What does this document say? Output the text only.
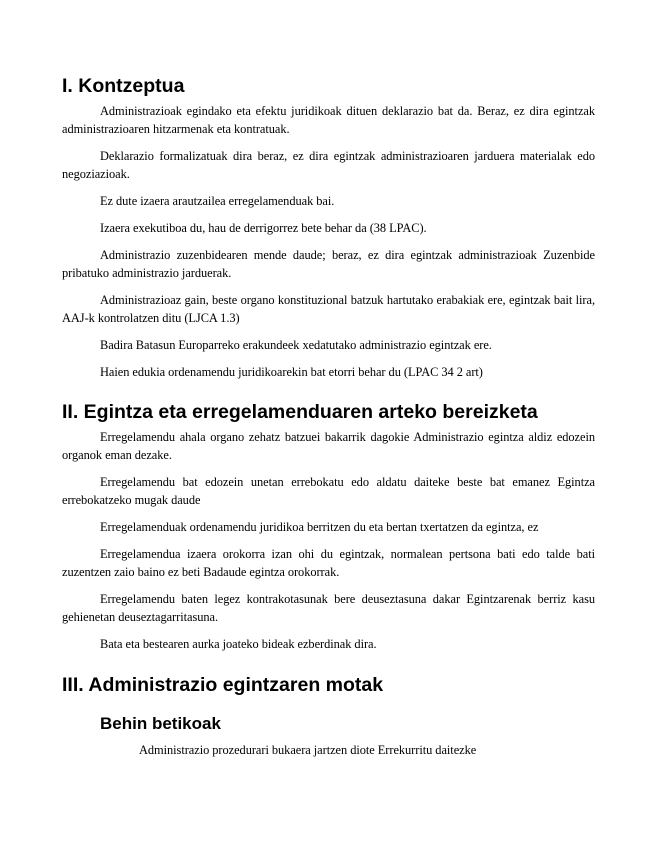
I. Kontzeptua

Administrazioak egindako eta efektu juridikoak dituen deklarazio bat da. Beraz, ez dira egintzak administrazioaren hitzarmenak eta kontratuak.

Deklarazio formalizatuak dira beraz, ez dira egintzak administrazioaren jarduera materialak edo negoziazioak.

Ez dute izaera arautzailea erregelamenduak bai.

Izaera exekutiboa du, hau de derrigorrez bete behar da (38 LPAC).

Administrazio zuzenbidearen mende daude; beraz, ez dira egintzak administrazioak Zuzenbide pribatuko administrazio jarduerak.

Administrazioaz gain, beste organo konstituzional batzuk hartutako erabakiak ere, egintzak bait lira, AAJ-k kontrolatzen ditu (LJCA 1.3)

Badira Batasun Europarreko erakundeek xedatutako administrazio egintzak ere.

Haien edukia ordenamendu juridikoarekin bat etorri behar du (LPAC 34 2 art)

II. Egintza eta erregelamenduaren arteko bereizketa

Erregelamendu ahala organo zehatz batzuei bakarrik dagokie Administrazio egintza aldiz edozein organok eman dezake.

Erregelamendu bat edozein unetan errebokatu edo aldatu daiteke beste bat emanez Egintza errebokatzeko mugak daude

Erregelamenduak ordenamendu juridikoa berritzen du eta bertan txertatzen da egintza, ez

Erregelamendua izaera orokorra izan ohi du egintzak, normalean pertsona bati edo talde bati zuzentzen zaio baino ez beti Badaude egintza orokorrak.

Erregelamendu baten legez kontrakotasunak bere deuseztasuna dakar Egintzarenak berriz kasu gehienetan deuseztagarritasuna.

Bata eta bestearen aurka joateko bideak ezberdinak dira.

III. Administrazio egintzaren motak
Behin betikoak

Administrazio prozedurari bukaera jartzen diote Errekurritu daitezke
